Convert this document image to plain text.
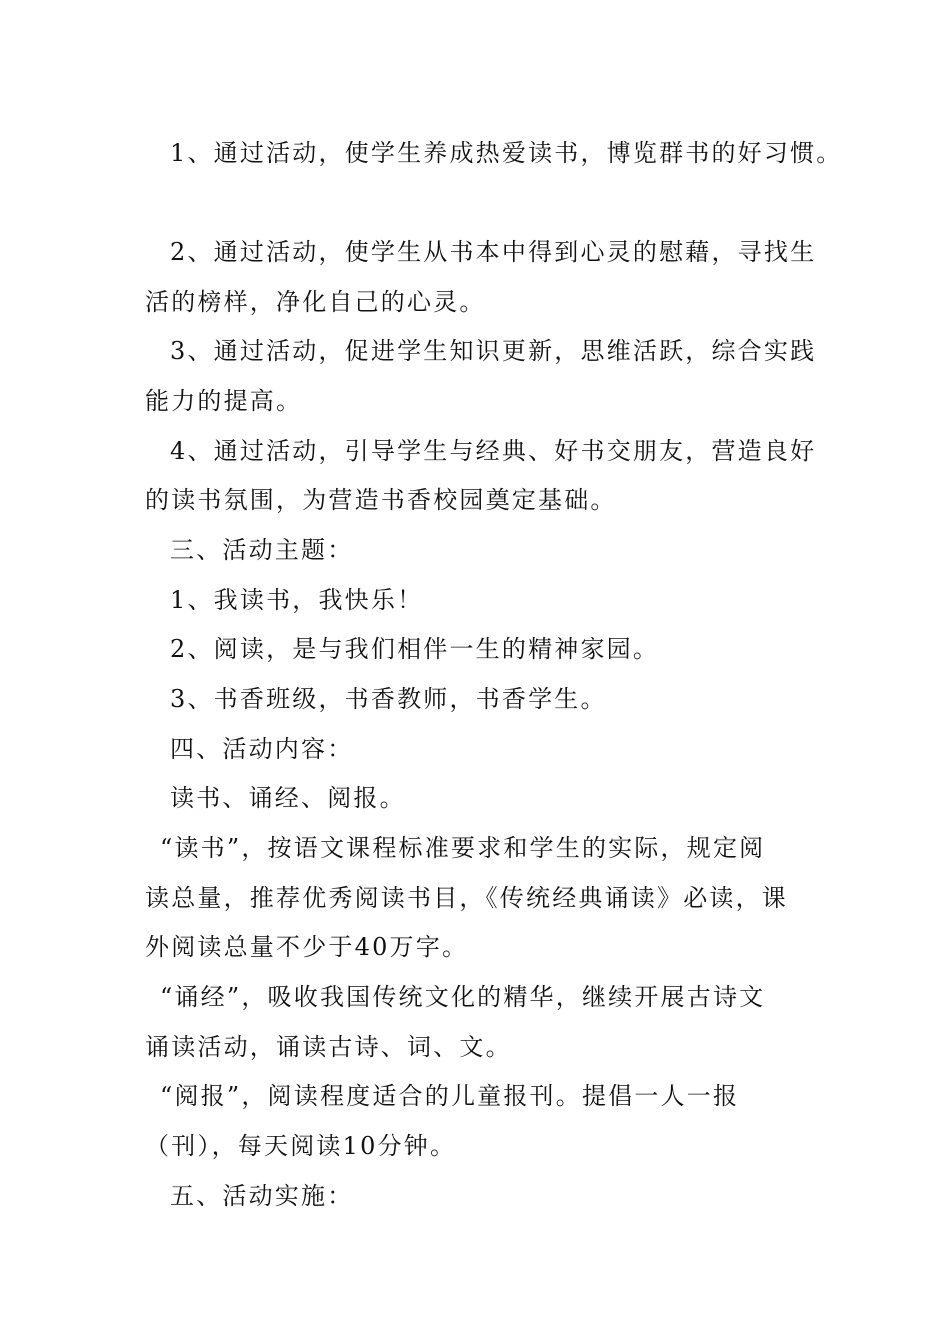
1、通过活动，使学生养成热爱读书，博览群书的好习惯。
2、通过活动，使学生从书本中得到心灵的慰藉，寻找生
活的榜样，净化自己的心灵。
3、通过活动，促进学生知识更新，思维活跃，综合实践
能力的提高。
4、通过活动，引导学生与经典、好书交朋友，营造良好
的读书氛围，为营造书香校园奠定基础。
三、活动主题：
1、我读书，我快乐！
2、阅读，是与我们相伴一生的精神家园。
3、书香班级，书香教师，书香学生。
四、活动内容：
读书、诵经、阅报。
“读书”，按语文课程标准要求和学生的实际，规定阅
读总量，推荐优秀阅读书目，《传统经典诵读》必读，课
外阅读总量不少于40万字。
“诵经”，吸收我国传统文化的精华，继续开展古诗文
诵读活动，诵读古诗、词、文。
“阅报”，阅读程度适合的儿童报刊。提倡一人一报
（刊），每天阅读10分钟。
五、活动实施：
